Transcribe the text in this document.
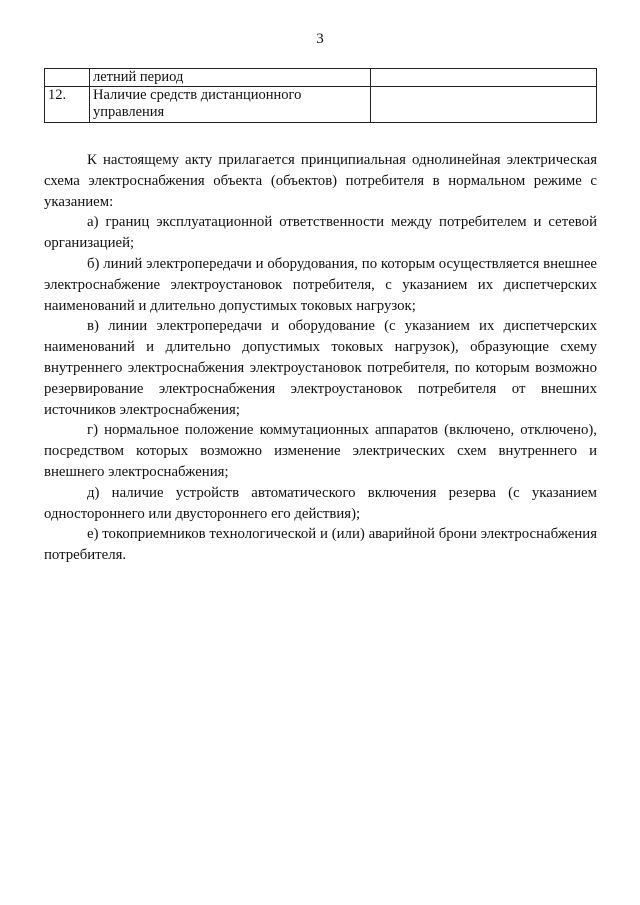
3
	летний период	
12.	Наличие средств дистанционного управления	

К настоящему акту прилагается принципиальная однолинейная электрическая схема электроснабжения объекта (объектов) потребителя в нормальном режиме с указанием:

а) границ эксплуатационной ответственности между потребителем и сетевой организацией;

б) линий электропередачи и оборудования, по которым осуществляется внешнее электроснабжение электроустановок потребителя, с указанием их диспетчерских наименований и длительно допустимых токовых нагрузок;

в) линии электропередачи и оборудование (с указанием их диспетчерских наименований и длительно допустимых токовых нагрузок), образующие схему внутреннего электроснабжения электроустановок потребителя, по которым возможно резервирование электроснабжения электроустановок потребителя от внешних источников электроснабжения;

г) нормальное положение коммутационных аппаратов (включено, отключено), посредством которых возможно изменение электрических схем внутреннего и внешнего электроснабжения;

д) наличие устройств автоматического включения резерва (с указанием одностороннего или двустороннего его действия);

е) токоприемников технологической и (или) аварийной брони электроснабжения потребителя.
